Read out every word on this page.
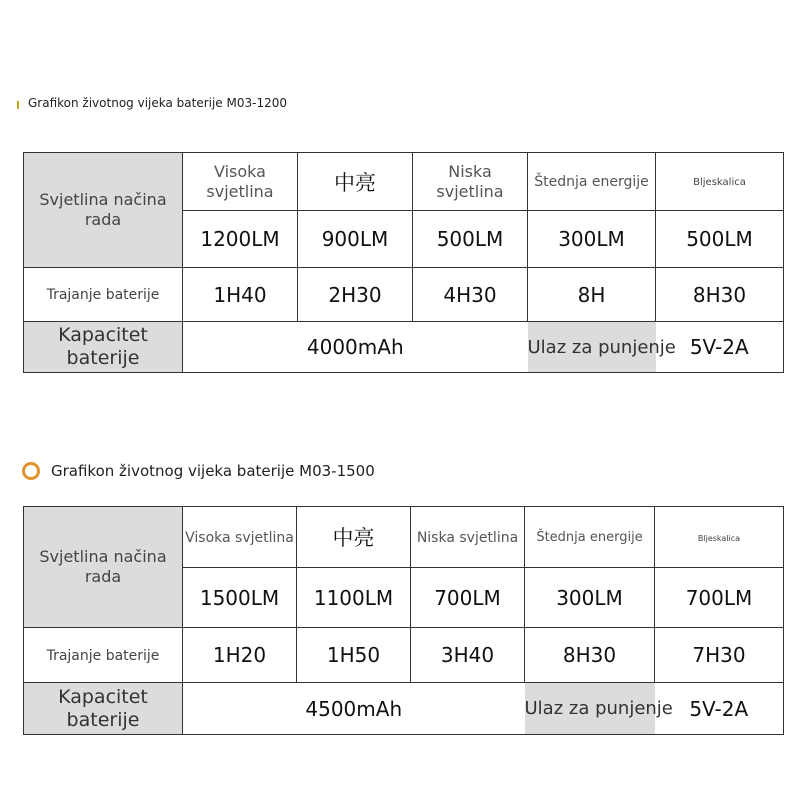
Grafikon životnog vijeka baterije M03-1200
Svjetlina načina rada	Visoka svjetlina	中亮	Niska svjetlina	Štednja energije	Bljeskalica
	1200LM	900LM	500LM	300LM	500LM
Trajanje baterije	1H40	2H30	4H30	8H	8H30
Kapacitet baterije	4000mAh			Ulaz za punjenje	5V-2A
Grafikon životnog vijeka baterije M03-1500
Svjetlina načina rada	Visoka svjetlina	中亮	Niska svjetlina	Štednja energije	Bljeskalica
	1500LM	1100LM	700LM	300LM	700LM
Trajanje baterije	1H20	1H50	3H40	8H30	7H30
Kapacitet baterije	4500mAh			Ulaz za punjenje	5V-2A
